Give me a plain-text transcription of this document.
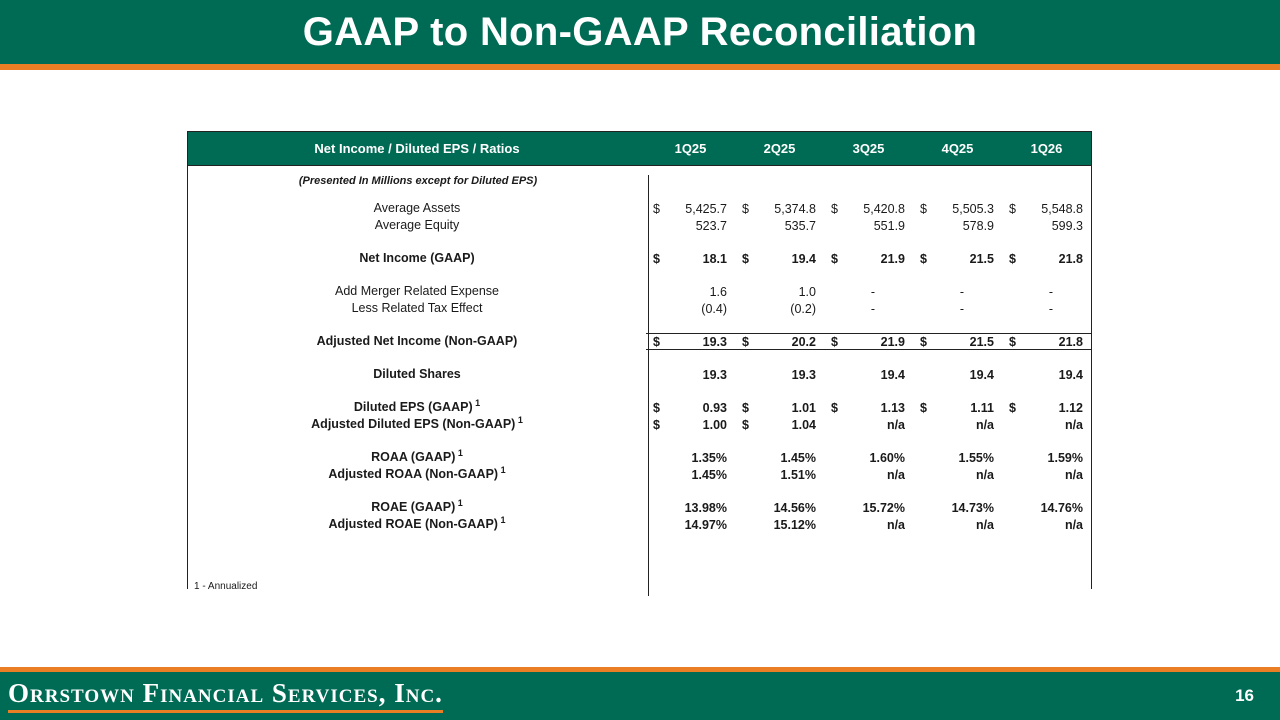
GAAP to Non-GAAP Reconciliation
Net Income / Diluted EPS / Ratios	1Q25	2Q25	3Q25	4Q25	1Q26
(Presented In Millions except for Diluted EPS)
Average Assets	$ 5,425.7 $ 5,374.8 $ 5,420.8 $ 5,505.3 $ 5,548.8
Average Equity	523.7	535.7	551.9	578.9	599.3
Net Income (GAAP)	$	18.1 $	19.4 $	21.9 $	21.5 $	21.8
Add Merger Related Expense	1.6	1.0	-	-	-
Less Related Tax Effect	(0.4)	(0.2)	-	-	-
Adjusted Net Income (Non-GAAP)	$	19.3 $	20.2 $	21.9 $	21.5 $	21.8
Diluted Shares	19.3	19.3	19.4	19.4	19.4
Diluted EPS (GAAP) $^1$	$	0.93 $	1.01 $	1.13 $	1.11 $	1.12
Adjusted Diluted EPS (Non-GAAP) $^1$	$	1.00 $	1.04	n/a	n/a	n/a
ROAA (GAAP) $^1$	1.35%	1.45%	1.60%	1.55%	1.59%
Adjusted ROAA (Non-GAAP) $^1$	1.45%	1.51%	n/a	n/a	n/a
ROAE (GAAP) $^1$	13.98%	14.56%	15.72%	14.73%	14.76%
Adjusted ROAE (Non-GAAP) $^1$	14.97%	15.12%	n/a	n/a	n/a
1 - Annualized
Orrstown Financial Services, Inc.	16
